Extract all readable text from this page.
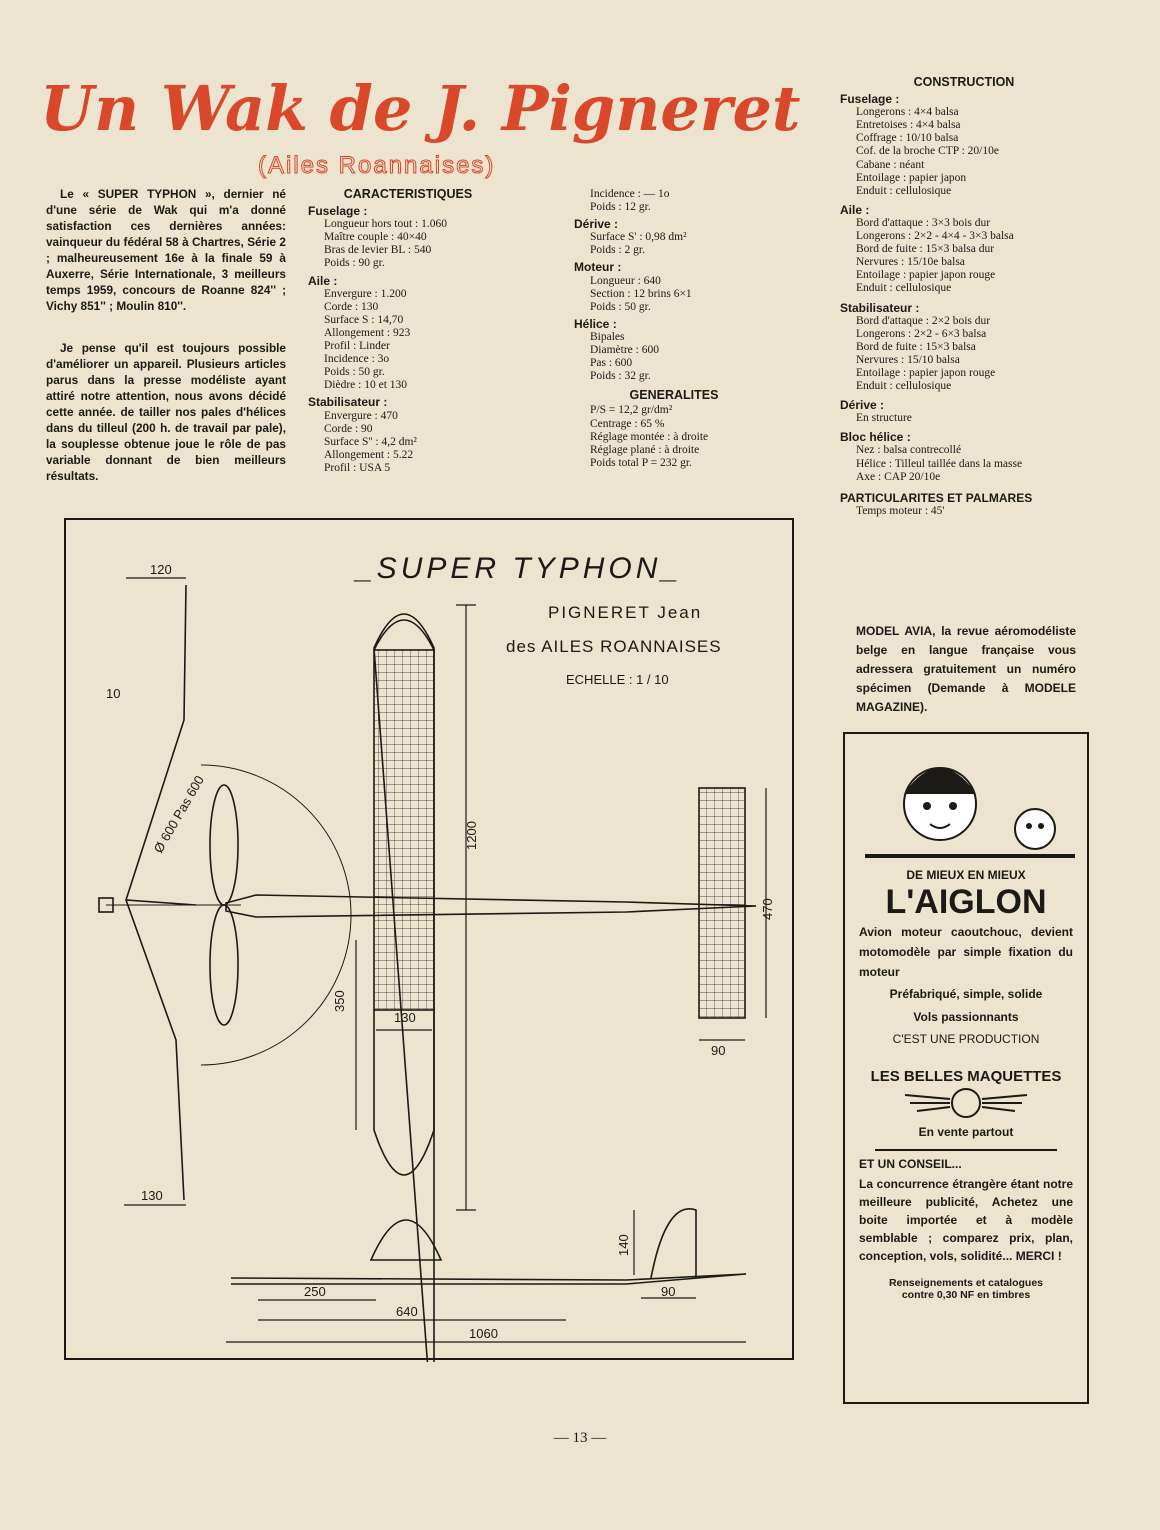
Un Wak de J. Pigneret
(Ailes Roannaises)

Le « SUPER TYPHON », dernier né d'une série de Wak qui m'a donné satisfaction ces dernières années: vainqueur du fédéral 58 à Chartres, Série 2 ; malheureusement 16e à la finale 59 à Auxerre, Série Internationale, 3 meilleurs temps 1959, concours de Roanne 824'' ; Vichy 851'' ; Moulin 810''.

Je pense qu'il est toujours possible d'améliorer un appareil. Plusieurs articles parus dans la presse modéliste ayant attiré notre attention, nous avons décidé cette année. de tailler nos pales d'hélices dans du tilleul (200 h. de travail par pale), la souplesse obtenue joue le rôle de pas variable donnant de bien meilleurs résultats.

CARACTERISTIQUES
Fuselage :
Longueur hors tout : 1.060
Maître couple : 40×40
Bras de levier BL : 540
Poids : 90 gr.
Aile :
Envergure : 1.200
Corde : 130
Surface S : 14,70
Allongement : 923
Profil : Linder
Incidence : 3o
Poids : 50 gr.
Dièdre : 10 et 130
Stabilisateur :
Envergure : 470
Corde : 90
Surface S'' : 4,2 dm²
Allongement : 5.22
Profil : USA 5
Incidence : — 1o
Poids : 12 gr.
Dérive :
Surface S' : 0,98 dm²
Poids : 2 gr.
Moteur :
Longueur : 640
Section : 12 brins 6×1
Poids : 50 gr.
Hélice :
Bipales
Diamètre : 600
Pas : 600
Poids : 32 gr.
GENERALITES
P/S = 12,2 gr/dm²
Centrage : 65 %
Réglage montée : à droite
Réglage plané : à droite
Poids total P = 232 gr.
CONSTRUCTION
Fuselage :
Longerons : 4×4 balsa
Entretoises : 4×4 balsa
Coffrage : 10/10 balsa
Cof. de la broche CTP : 20/10e
Cabane : néant
Entoilage : papier japon
Enduit : cellulosique
Aile :
Bord d'attaque : 3×3 bois dur
Longerons : 2×2 - 4×4 - 3×3 balsa
Bord de fuite : 15×3 balsa dur
Nervures : 15/10e balsa
Entoilage : papier japon rouge
Enduit : cellulosique
Stabilisateur :
Bord d'attaque : 2×2 bois dur
Longerons : 2×2 - 6×3 balsa
Bord de fuite : 15×3 balsa
Nervures : 15/10 balsa
Entoilage : papier japon rouge
Enduit : cellulosique
Dérive :
En structure
Bloc hélice :
Nez : balsa contrecollé
Hélice : Tilleul taillée dans la masse
Axe : CAP 20/10e
PARTICULARITES ET PALMARES
Temps moteur : 45'
120
10
Ø 600 Pas 600	1200
470
350
130
90
130
140
250	90
640
1060
_SUPER TYPHON_
PIGNERET Jean
des AILES ROANNAISES
ECHELLE : 1 / 10
MODEL AVIA, la revue aéromodéliste belge en langue française vous adressera gratuitement un numéro spécimen (Demande à MODELE MAGAZINE).
DE MIEUX EN MIEUX
L'AIGLON
Avion moteur caoutchouc, devient motomodèle par simple fixation du moteur
Préfabriqué, simple, solide
Vols passionnants
C'EST UNE PRODUCTION
LES BELLES MAQUETTES
En vente partout
ET UN CONSEIL...
La concurrence étrangère étant notre meilleure publicité, Achetez une boite importée et à modèle semblable ; comparez prix, plan, conception, vols, solidité... MERCI !
Renseignements et catalogues
contre 0,30 NF en timbres
— 13 —
